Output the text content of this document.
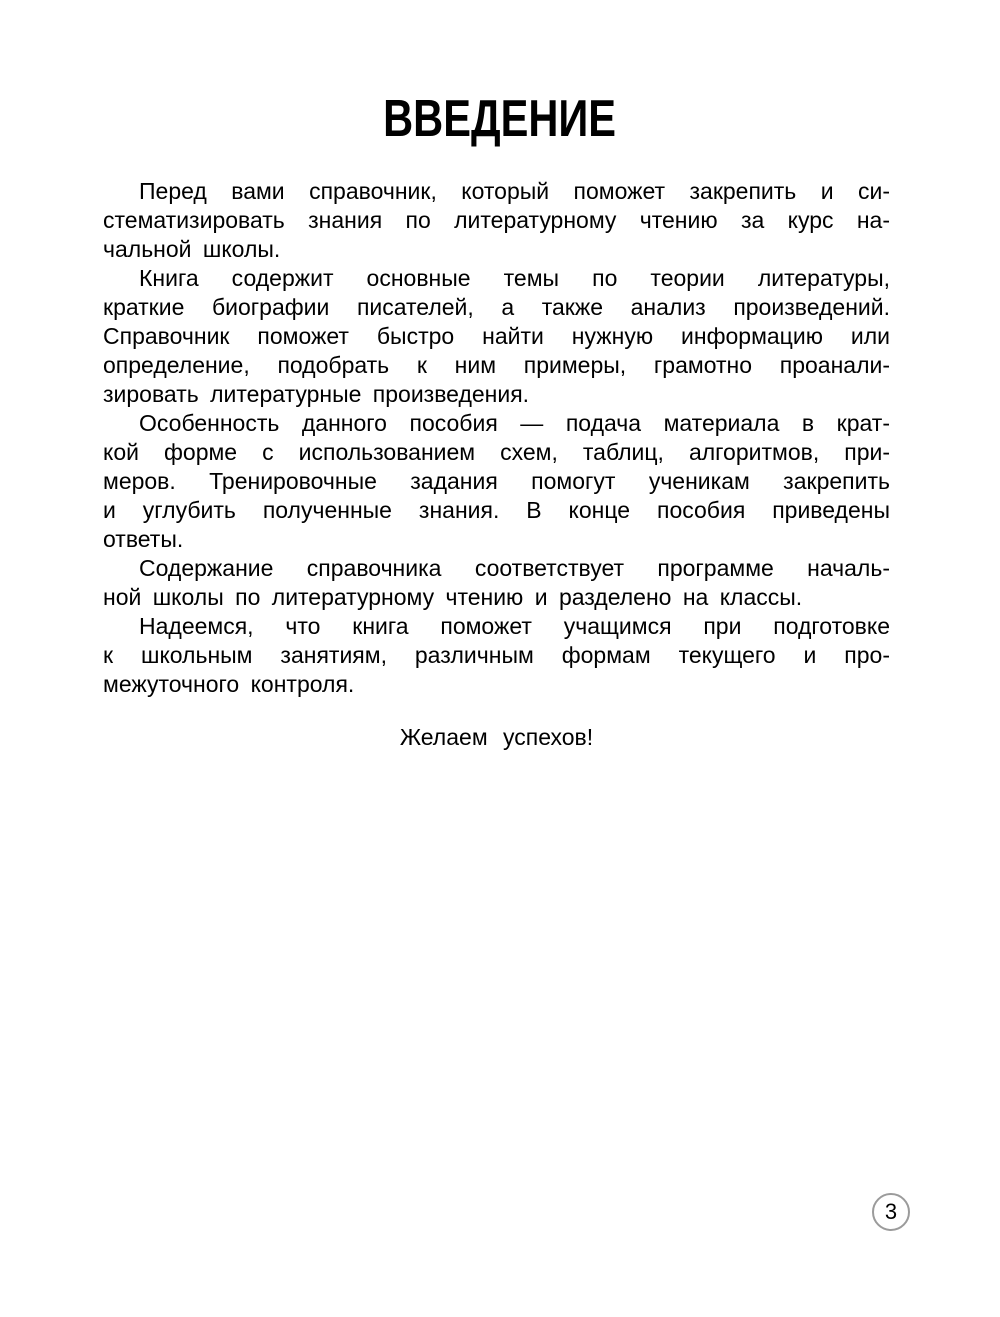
ВВЕДЕНИЕ
Перед вами справочник, который поможет закрепить и си-
стематизировать знания по литературному чтению за курс на-
чальной школы.
Книга содержит основные темы по теории литературы,
краткие биографии писателей, а также анализ произведений.
Справочник поможет быстро найти нужную информацию или
определение, подобрать к ним примеры, грамотно проанали-
зировать литературные произведения.
Особенность данного пособия — подача материала в крат-
кой форме с использованием схем, таблиц, алгоритмов, при-
меров. Тренировочные задания помогут ученикам закрепить
и углубить полученные знания. В конце пособия приведены
ответы.
Содержание справочника соответствует программе началь-
ной школы по литературному чтению и разделено на классы.
Надеемся, что книга поможет учащимся при подготовке
к школьным занятиям, различным формам текущего и про-
межуточного контроля.
Желаем успехов!
3
